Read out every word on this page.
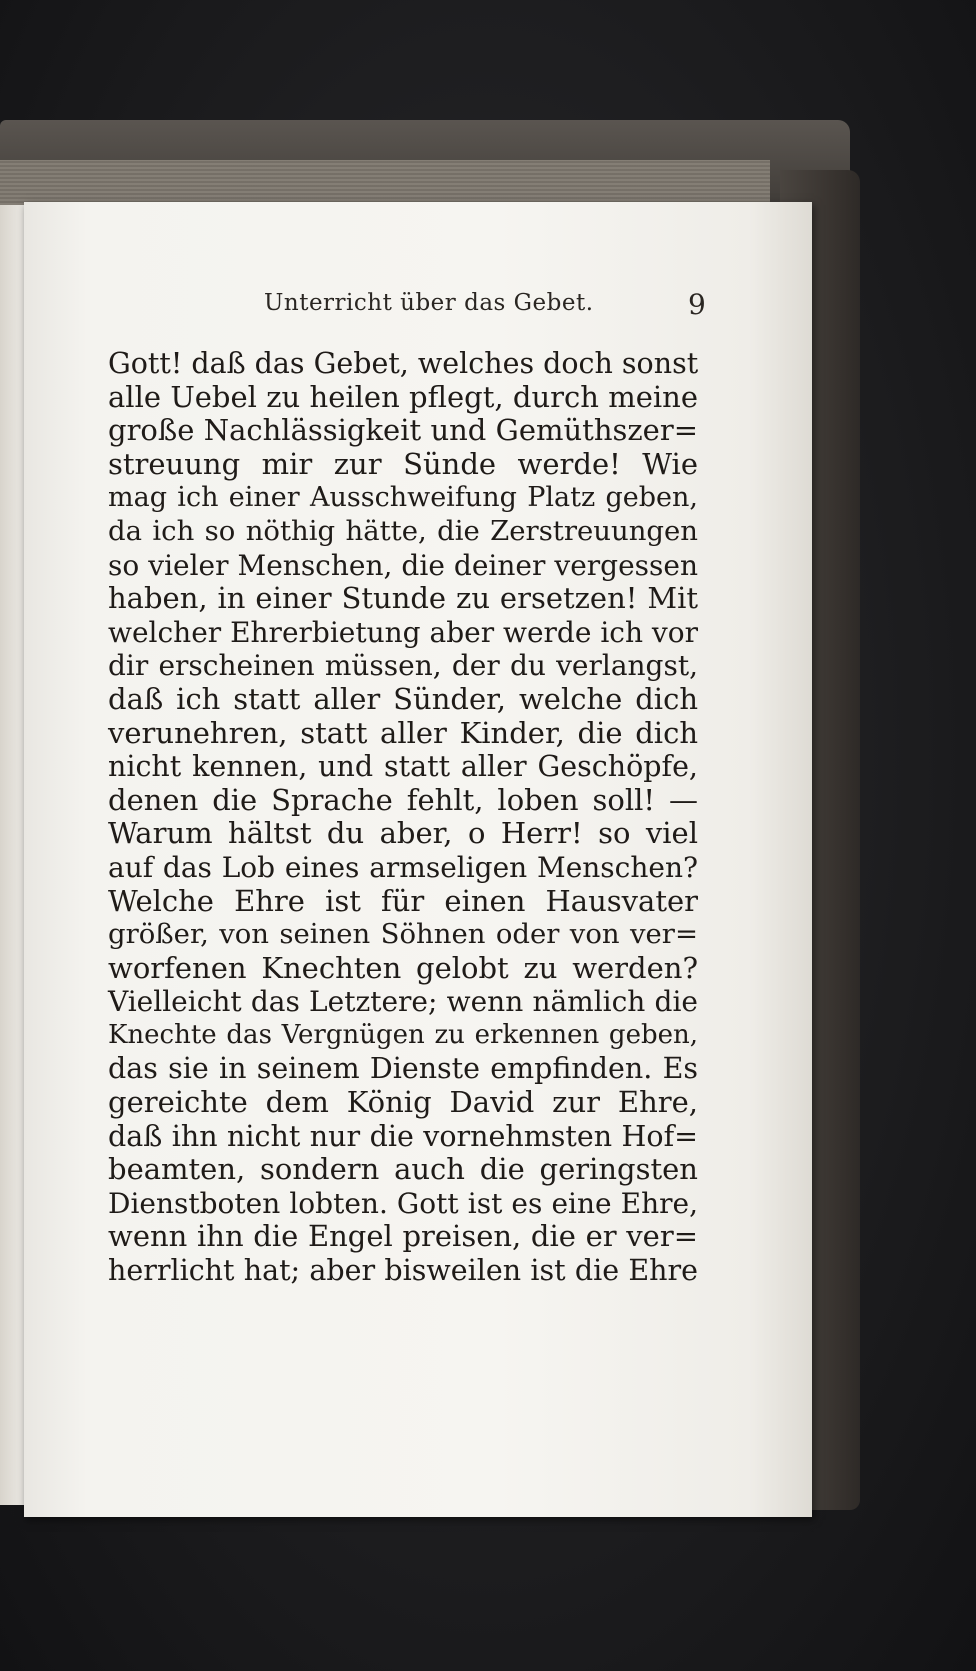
Unterricht über das Gebet.	9
Gott! daß das Gebet, welches doch sonst
alle Uebel zu heilen pflegt, durch meine
große Nachlässigkeit und Gemüthszer=
streuung mir zur Sünde werde! Wie
mag ich einer Ausschweifung Platz geben,
da ich so nöthig hätte, die Zerstreuungen
so vieler Menschen, die deiner vergessen
haben, in einer Stunde zu ersetzen! Mit
welcher Ehrerbietung aber werde ich vor
dir erscheinen müssen, der du verlangst,
daß ich statt aller Sünder, welche dich
verunehren, statt aller Kinder, die dich
nicht kennen, und statt aller Geschöpfe,
denen die Sprache fehlt, loben soll! —
Warum hältst du aber, o Herr! so viel
auf das Lob eines armseligen Menschen?
Welche Ehre ist für einen Hausvater
größer, von seinen Söhnen oder von ver=
worfenen Knechten gelobt zu werden?
Vielleicht das Letztere; wenn nämlich die
Knechte das Vergnügen zu erkennen geben,
das sie in seinem Dienste empfinden. Es
gereichte dem König David zur Ehre,
daß ihn nicht nur die vornehmsten Hof=
beamten, sondern auch die geringsten
Dienstboten lobten. Gott ist es eine Ehre,
wenn ihn die Engel preisen, die er ver=
herrlicht hat; aber bisweilen ist die Ehre
